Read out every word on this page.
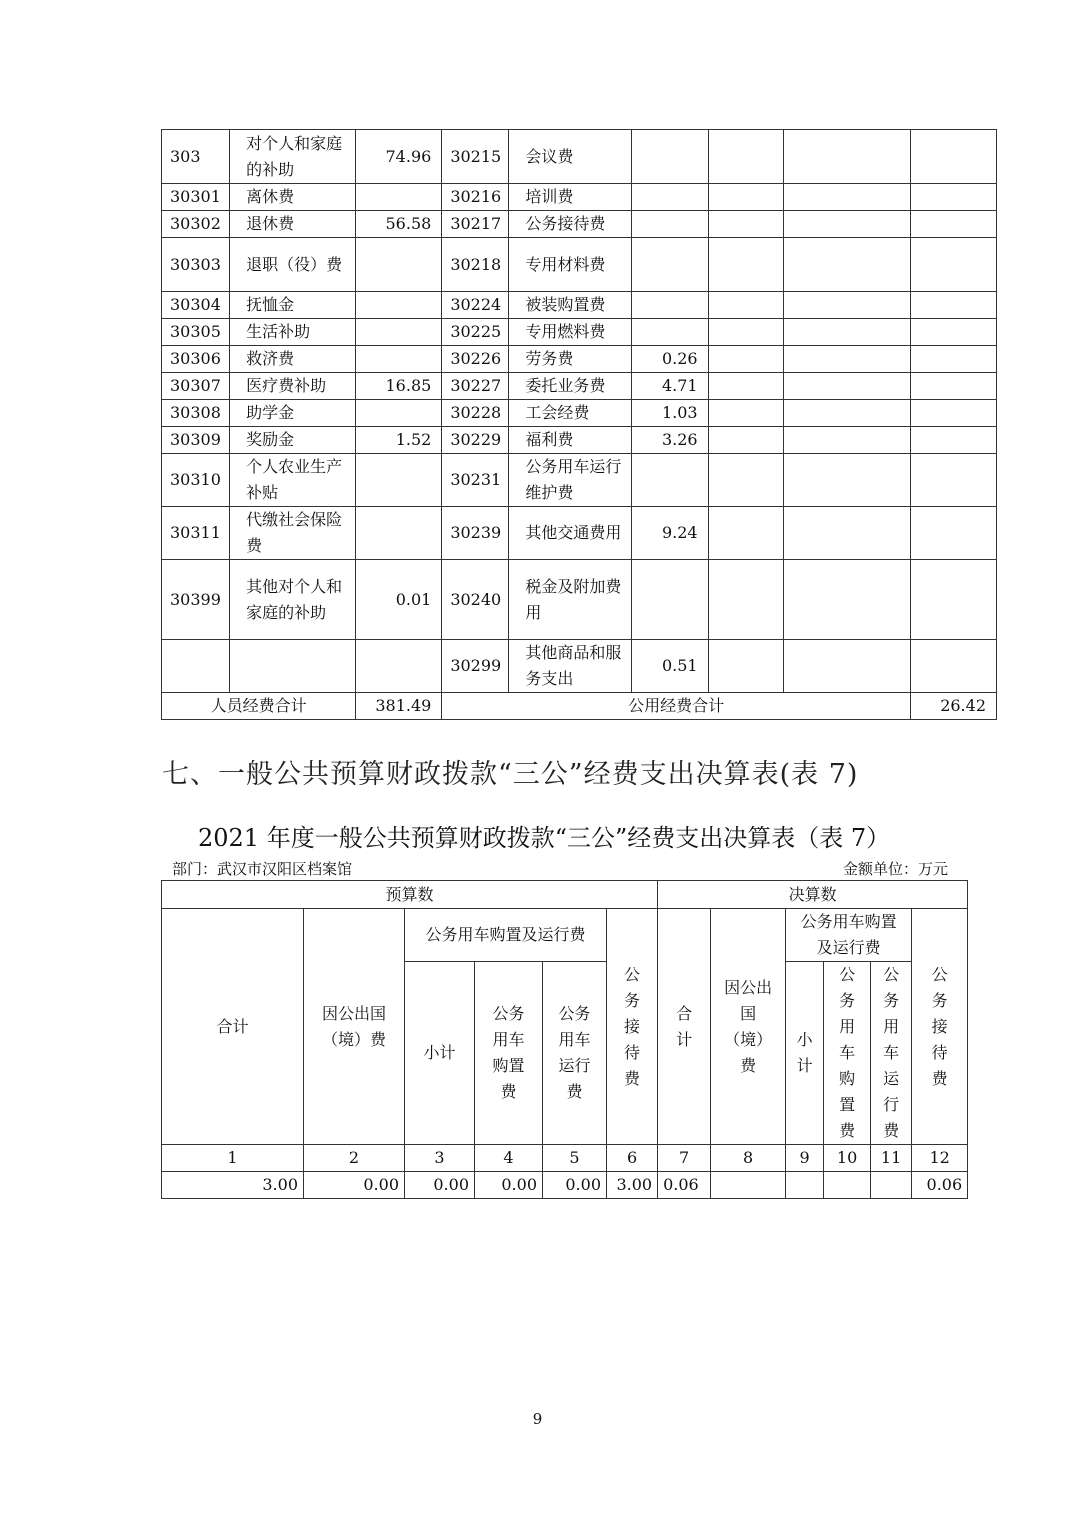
303	对个人和家庭的补助	74.96	30215	会议费				
30301	离休费		30216	培训费				
30302	退休费	56.58	30217	公务接待费				
30303	退职（役）费		30218	专用材料费				
30304	抚恤金		30224	被装购置费				
30305	生活补助		30225	专用燃料费				
30306	救济费		30226	劳务费	0.26			
30307	医疗费补助	16.85	30227	委托业务费	4.71			
30308	助学金		30228	工会经费	1.03			
30309	奖励金	1.52	30229	福利费	3.26			
30310	个人农业生产补贴		30231	公务用车运行维护费				
30311	代缴社会保险费		30239	其他交通费用	9.24			
30399	其他对个人和家庭的补助	0.01	30240	税金及附加费用				
			30299	其他商品和服务支出	0.51			
人员经费合计		381.49	公用经费合计					26.42
七、一般公共预算财政拨款“三公”经费支出决算表(表 7)
2021 年度一般公共预算财政拨款“三公”经费支出决算表（表 7）
部门：武汉市汉阳区档案馆	金额单位：万元
预算数						决算数					
合计	因公出国（境）费	公务用车购置及运行费			公务接待费	合计	因公出国（境）费	公务用车购置及运行费			公务接待费

		小计	公务用车购置费	公务用车运行费				小计	公务用车购置费	公务用车运行费	

1	2	3	4	5	6	7	8	9	10	11	12
3.00	0.00	0.00	0.00	0.00	3.00	0.06					0.06
9
